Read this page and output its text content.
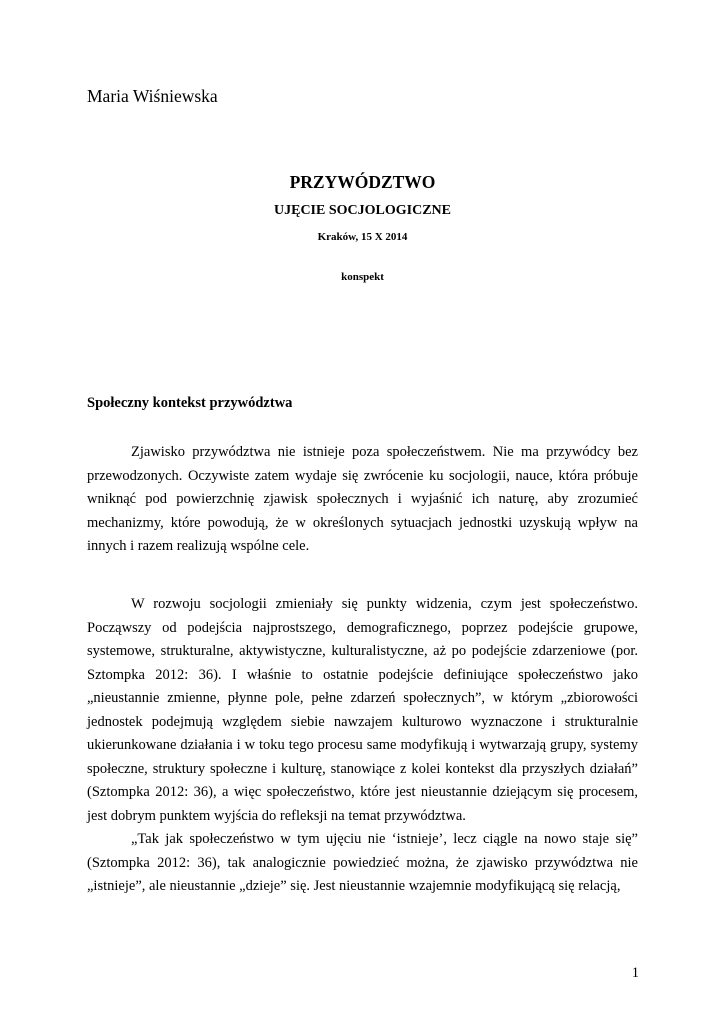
Maria Wiśniewska
PRZYWÓDZTWO
UJĘCIE SOCJOLOGICZNE
Kraków, 15 X 2014
konspekt
Społeczny kontekst przywództwa

Zjawisko przywództwa nie istnieje poza społeczeństwem. Nie ma przywódcy bez przewodzonych. Oczywiste zatem wydaje się zwrócenie ku socjologii, nauce, która próbuje wniknąć pod powierzchnię zjawisk społecznych i wyjaśnić ich naturę, aby zrozumieć mechanizmy, które powodują, że w określonych sytuacjach jednostki uzyskują wpływ na innych i razem realizują wspólne cele.

W rozwoju socjologii zmieniały się punkty widzenia, czym jest społeczeństwo. Począwszy od podejścia najprostszego, demograficznego, poprzez podejście grupowe, systemowe, strukturalne, aktywistyczne, kulturalistyczne, aż po podejście zdarzeniowe (por. Sztompka 2012: 36). I właśnie to ostatnie podejście definiujące społeczeństwo jako „nieustannie zmienne, płynne pole, pełne zdarzeń społecznych”, w którym „zbiorowości jednostek podejmują względem siebie nawzajem kulturowo wyznaczone i strukturalnie ukierunkowane działania i w toku tego procesu same modyfikują i wytwarzają grupy, systemy społeczne, struktury społeczne i kulturę, stanowiące z kolei kontekst dla przyszłych działań” (Sztompka 2012: 36), a więc społeczeństwo, które jest nieustannie dziejącym się procesem, jest dobrym punktem wyjścia do refleksji na temat przywództwa.

„Tak jak społeczeństwo w tym ujęciu nie ‘istnieje’, lecz ciągle na nowo staje się” (Sztompka 2012: 36), tak analogicznie powiedzieć można, że zjawisko przywództwa nie „istnieje”, ale nieustannie „dzieje” się. Jest nieustannie wzajemnie modyfikującą się relacją,

1
